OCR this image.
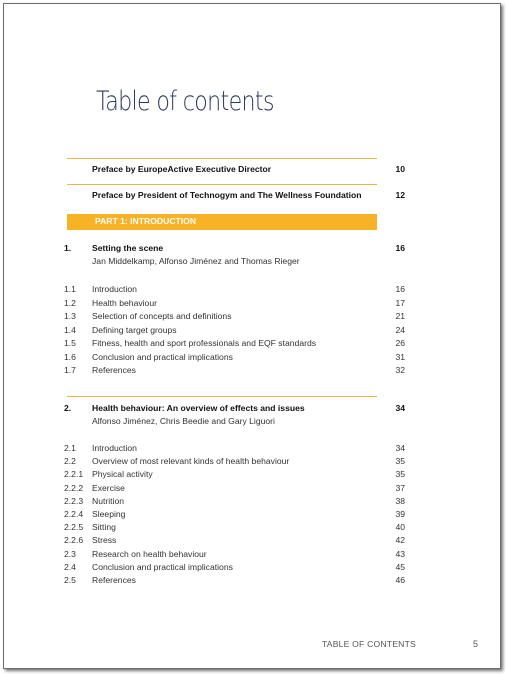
Table of contents
Preface by EuropeActive Executive Director	10
Preface by President of Technogym and The Wellness Foundation	12
PART 1: INTRODUCTION
1. Setting the scene	16
Jan Middelkamp, Alfonso Jiménez and Thomas Rieger
1.1 Introduction	16
1.2 Health behaviour	17
1.3 Selection of concepts and definitions	21
1.4 Defining target groups	24
1.5 Fitness, health and sport professionals and EQF standards	26
1.6 Conclusion and practical implications	31
1.7 References	32
2. Health behaviour: An overview of effects and issues	34
Alfonso Jiménez, Chris Beedie and Gary Liguori
2.1 Introduction	34
2.2 Overview of most relevant kinds of health behaviour	35
2.2.1 Physical activity	35
2.2.2 Exercise	37
2.2.3 Nutrition	38
2.2.4 Sleeping	39
2.2.5 Sitting	40
2.2.6 Stress	42
2.3 Research on health behaviour	43
2.4 Conclusion and practical implications	45
2.5 References	46
TABLE OF CONTENTS	5
